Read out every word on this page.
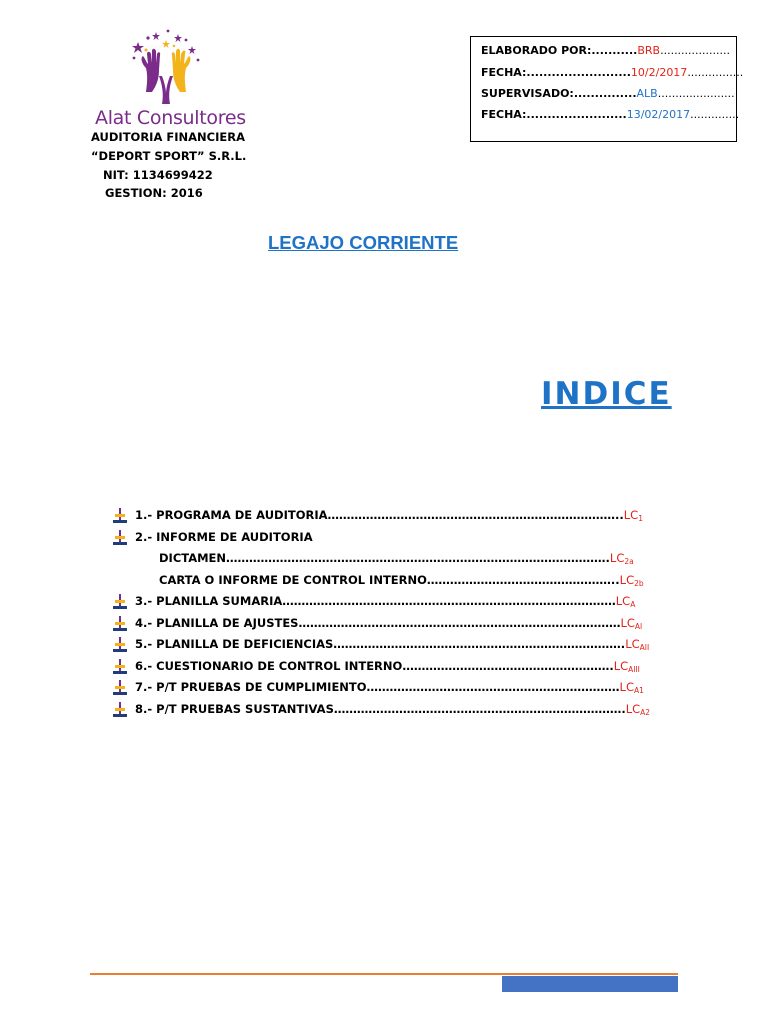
Alat Consultores
AUDITORIA FINANCIERA
“DEPORT SPORT” S.R.L.
NIT: 1134699422
GESTION: 2016
ELABORADO POR:...........BRB....................
FECHA:.........................10/2/2017................
SUPERVISADO:...............ALB......................
FECHA:........................13/02/2017..............
LEGAJO CORRIENTE
INDICE
1.- PROGRAMA DE $AUDITORIA\dots\dots\dots\dots\dots\dots\dots\dots\dots\dots\dots\dots\dots\dots\dots\dots\dots\dots\dots\dots\dots\dots\dots\dots\dots..LC_1$
2.- INFORME DE AUDITORIA
$DICTAMEN\dots\dots\dots\dots\dots\dots\dots\dots\dots\dots\dots\dots\dots\dots\dots\dots\dots\dots\dots\dots\dots\dots\dots\dots\dots\dots\dots\dots\dots\dots\dots\dots\dots.LC_{2a}$
CARTA O INFORME DE CONTROL $INTERNO\dots\dots\dots\dots\dots\dots\dots\dots\dots\dots\dots\dots\dots\dots\dots\dots..LC_{2b}$
3.- PLANILLA $SUMARIA\dots\dots\dots\dots\dots\dots\dots\dots\dots\dots\dots\dots\dots\dots\dots\dots\dots\dots\dots\dots\dots\dots\dots\dots\dots\dots\dots\dots\dots LC_A$
4.- PLANILLA DE $AJUSTES\dots\dots\dots\dots\dots\dots\dots\dots\dots\dots\dots\dots\dots\dots\dots\dots\dots\dots\dots\dots\dots\dots\dots\dots\dots\dots\dots\dots LC_{AI}$
5.- PLANILLA DE $DEFICIENCIAS\dots\dots\dots\dots\dots\dots\dots\dots\dots\dots\dots\dots\dots\dots\dots\dots\dots\dots\dots\dots\dots\dots\dots\dots\dots.LC_{AII}$
6.- CUESTIONARIO DE CONTROL $INTERNO\dots\dots\dots\dots\dots\dots\dots\dots\dots\dots\dots\dots\dots\dots\dots\dots\dots\dots.LC_{AIII}$
7.- P/T PRUEBAS DE $CUMPLIMIENTO\dots\dots\dots\dots\dots\dots\dots\dots\dots\dots\dots\dots\dots\dots\dots\dots\dots\dots\dots\dots\dots\dots LC_{A1}$
8.- P/T PRUEBAS $SUSTANTIVAS\dots\dots\dots\dots\dots\dots\dots\dots\dots\dots\dots\dots\dots\dots\dots\dots\dots\dots\dots\dots\dots\dots\dots\dots\dots.LC_{A2}$
